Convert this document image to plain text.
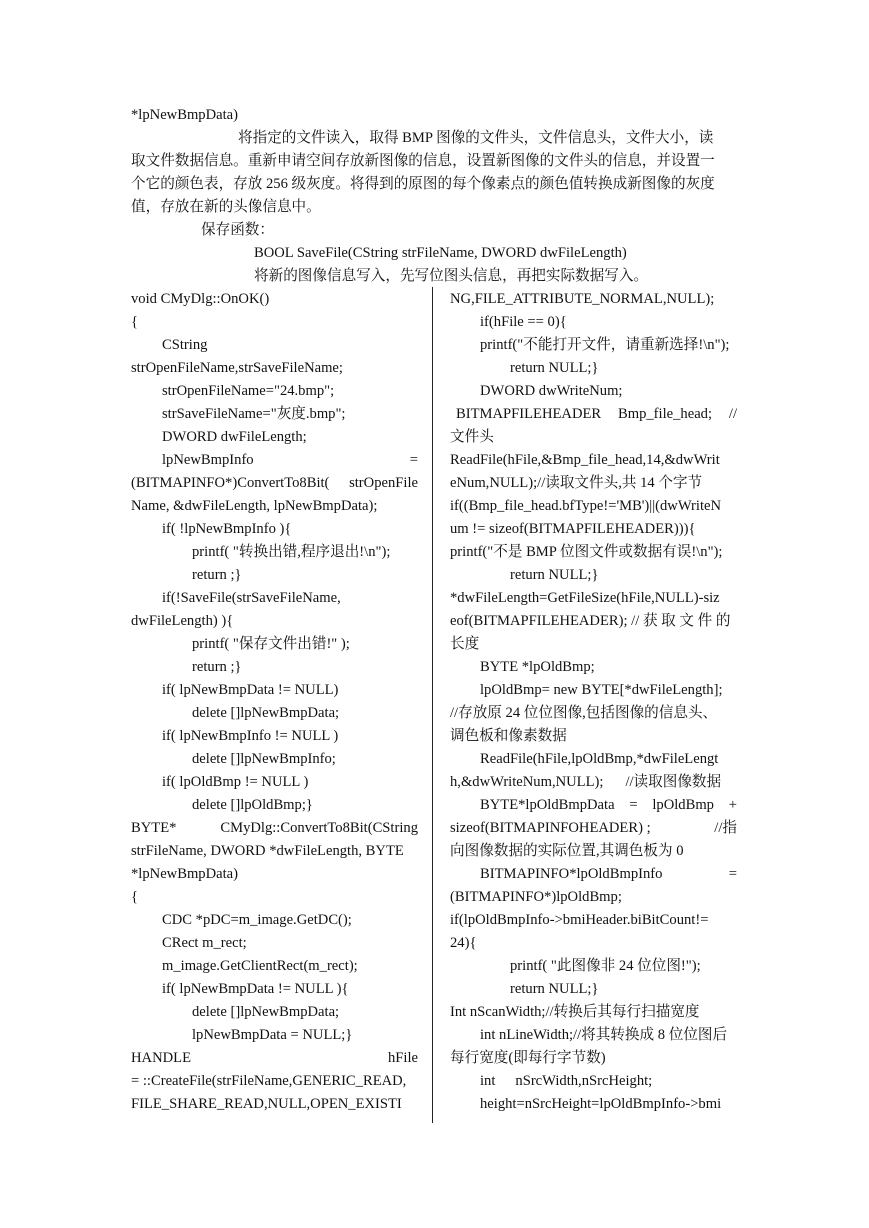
*lpNewBmpData)
将指定的文件读入，取得 BMP 图像的文件头，文件信息头，文件大小，读
取文件数据信息。重新申请空间存放新图像的信息，设置新图像的文件头的信息，并设置一
个它的颜色表，存放 256 级灰度。将得到的原图的每个像素点的颜色值转换成新图像的灰度
值，存放在新的头像信息中。
保存函数：
BOOL SaveFile(CString strFileName, DWORD dwFileLength)
将新的图像信息写入，先写位图头信息，再把实际数据写入。
void CMyDlg::OnOK()
{
CString
strOpenFileName,strSaveFileName;
strOpenFileName="24.bmp";
strSaveFileName="灰度.bmp";
DWORD dwFileLength;
lpNewBmpInfo	=
(BITMAPINFO*)ConvertTo8Bit( strOpenFile
Name, &dwFileLength, lpNewBmpData);
if( !lpNewBmpInfo ){
printf( "转换出错,程序退出!\n");
return ;}
if(!SaveFile(strSaveFileName,
dwFileLength) ){
printf( "保存文件出错!" );
return ;}
if( lpNewBmpData != NULL)
delete []lpNewBmpData;
if( lpNewBmpInfo != NULL )
delete []lpNewBmpInfo;
if( lpOldBmp != NULL )
delete []lpOldBmp;}
BYTE*	CMyDlg::ConvertTo8Bit(CString
strFileName, DWORD *dwFileLength, BYTE
*lpNewBmpData)
{
CDC *pDC=m_image.GetDC();
CRect m_rect;
m_image.GetClientRect(m_rect);
if( lpNewBmpData != NULL ){
delete []lpNewBmpData;
lpNewBmpData = NULL;}
HANDLE	hFile
= ::CreateFile(strFileName,GENERIC_READ,
FILE_SHARE_READ,NULL,OPEN_EXISTI
NG,FILE_ATTRIBUTE_NORMAL,NULL);
if(hFile == 0){
printf("不能打开文件，请重新选择!\n");
return NULL;}
DWORD dwWriteNum;
BITMAPFILEHEADER Bmp_file_head; //
文件头
ReadFile(hFile,&Bmp_file_head,14,&dwWrit
eNum,NULL);//读取文件头,共 14 个字节
if((Bmp_file_head.bfType!='MB')||(dwWriteN
um != sizeof(BITMAPFILEHEADER))){
printf("不是 BMP 位图文件或数据有误!\n");
return NULL;}
*dwFileLength=GetFileSize(hFile,NULL)-siz
eof(BITMAPFILEHEADER); // 获 取 文 件 的
长度
BYTE *lpOldBmp;
lpOldBmp= new BYTE[*dwFileLength];
//存放原 24 位位图像,包括图像的信息头、
调色板和像素数据
ReadFile(hFile,lpOldBmp,*dwFileLengt
h,&dwWriteNum,NULL); //读取图像数据
BYTE*lpOldBmpData = lpOldBmp +
sizeof(BITMAPINFOHEADER) ;	//指
向图像数据的实际位置,其调色板为 0
BITMAPINFO*lpOldBmpInfo	=
(BITMAPINFO*)lpOldBmp;
if(lpOldBmpInfo->bmiHeader.biBitCount!=
24){
printf( "此图像非 24 位位图!");
return NULL;}
Int nScanWidth;//转换后其每行扫描宽度
int nLineWidth;//将其转换成 8 位位图后
每行宽度(即每行字节数)
int nSrcWidth,nSrcHeight;
height=nSrcHeight=lpOldBmpInfo->bmi
